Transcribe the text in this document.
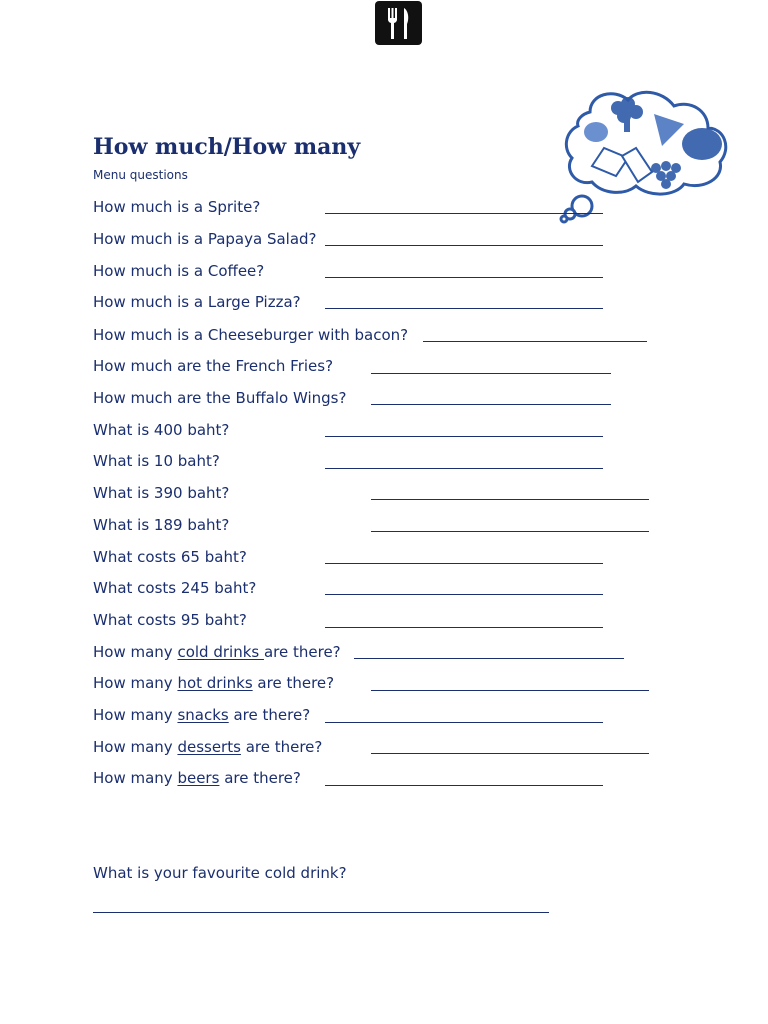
How much/How many
Menu questions
How much is a Sprite?
How much is a Papaya Salad?
How much is a Coffee?
How much is a Large Pizza?
How much is a Cheeseburger with bacon?
How much are the French Fries?
How much are the Buffalo Wings?
What is 400 baht?
What is 10 baht?
What is 390 baht?
What is 189 baht?
What costs 65 baht?
What costs 245 baht?
What costs 95 baht?
How many cold drinks are there?
How many hot drinks are there?
How many snacks are there?
How many desserts are there?
How many beers are there?
What is your favourite cold drink?
